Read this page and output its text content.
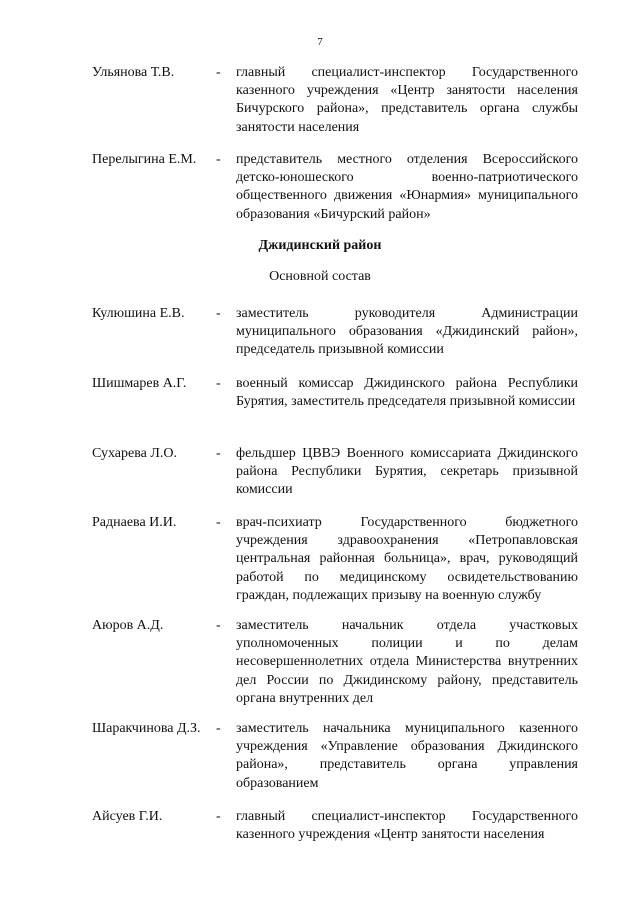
7
Ульянова Т.В.	- главный специалист-инспектор Государственного казенного учреждения «Центр занятости населения Бичурского района», представитель органа службы занятости населения
Перелыгина Е.М.	- представитель местного отделения Всероссийского детско-юношеского военно-патриотического общественного движения «Юнармия» муниципального образования «Бичурский район»
Джидинский район
Основной состав
Кулюшина Е.В.	- заместитель руководителя Администрации муниципального образования «Джидинский район», председатель призывной комиссии
Шишмарев А.Г.	- военный комиссар Джидинского района Республики Бурятия, заместитель председателя призывной комиссии
Сухарева Л.О.	- фельдшер ЦВВЭ Военного комиссариата Джидинского района Республики Бурятия, секретарь призывной комиссии
Раднаева И.И.	- врач-психиатр Государственного бюджетного учреждения здравоохранения «Петропавловская центральная районная больница», врач, руководящий работой по медицинскому освидетельствованию граждан, подлежащих призыву на военную службу
Аюров А.Д.	- заместитель начальник отдела участковых уполномоченных полиции и по делам несовершеннолетних отдела Министерства внутренних дел России по Джидинскому району, представитель органа внутренних дел
Шаракчинова Д.З. - заместитель начальника муниципального казенного учреждения «Управление образования Джидинского района», представитель органа управления образованием
Айсуев Г.И.	- главный специалист-инспектор Государственного казенного учреждения «Центр занятости населения
